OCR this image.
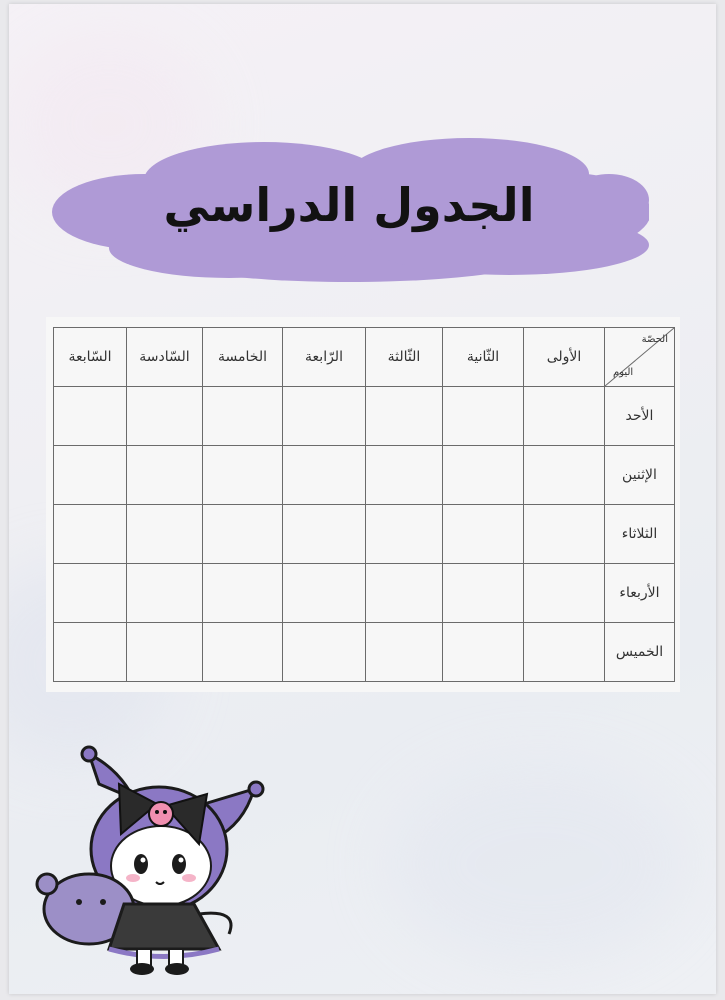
الجدول الدراسي
الحصّة
اليوم	الأولى	الثّانية	الثّالثة	الرّابعة	الخامسة	السّادسة	السّابعة
الأحد							
الإثنين							
الثلاثاء							
الأربعاء							
الخميس							
